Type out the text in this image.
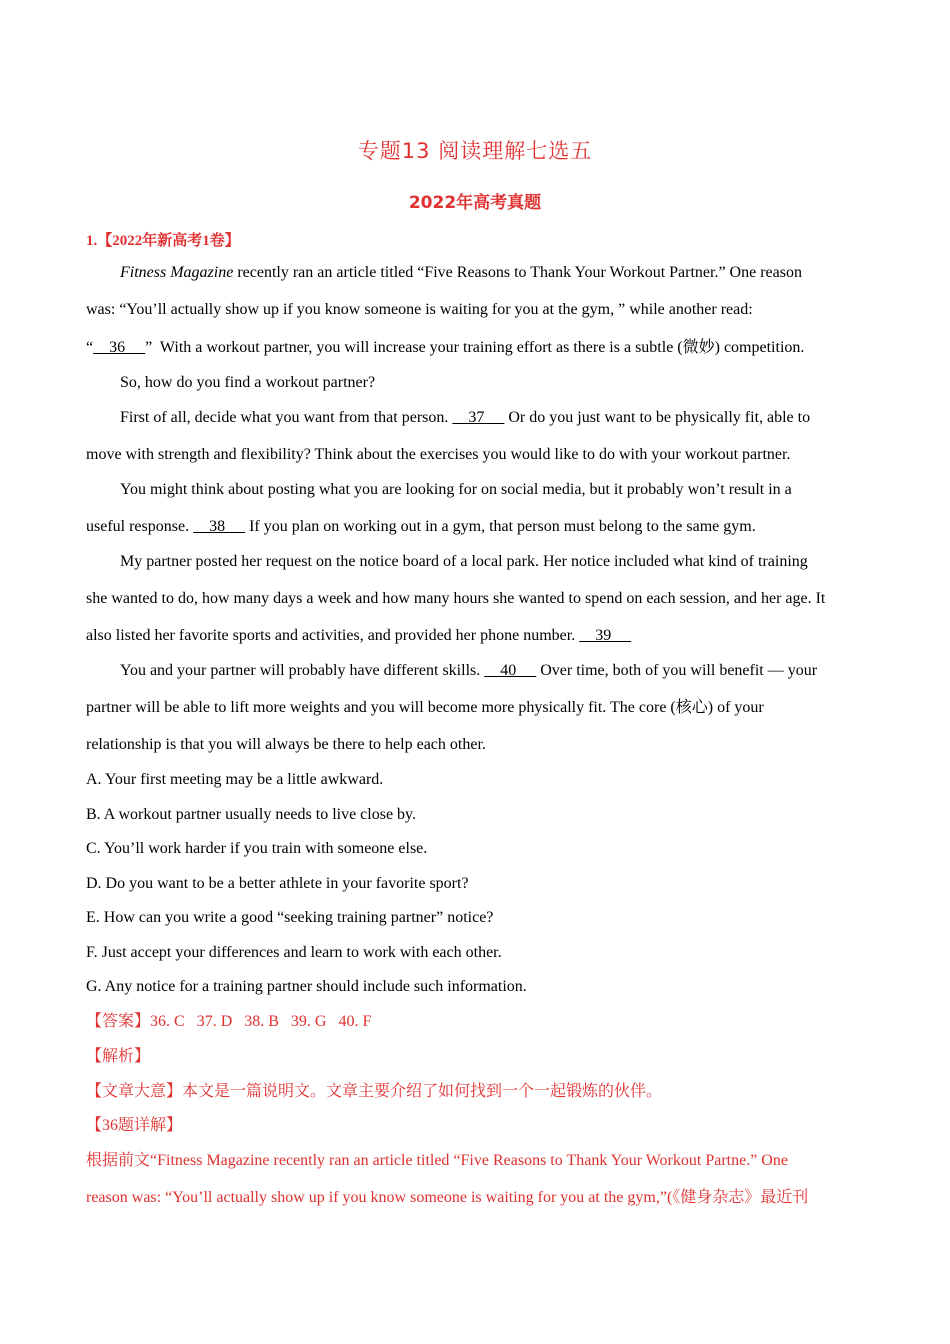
专题13 阅读理解七选五
2022年高考真题
1.【2022年新高考1卷】
Fitness Magazine recently ran an article titled “Five Reasons to Thank Your Workout Partner.” One reason
was: “You’ll actually show up if you know someone is waiting for you at the gym, ” while another read:
“    36     ”  With a workout partner, you will increase your training effort as there is a subtle (微妙) competition.
So, how do you find a workout partner?
First of all, decide what you want from that person.     37      Or do you just want to be physically fit, able to
move with strength and flexibility? Think about the exercises you would like to do with your workout partner.
You might think about posting what you are looking for on social media, but it probably won’t result in a
useful response.     38      If you plan on working out in a gym, that person must belong to the same gym.
My partner posted her request on the notice board of a local park. Her notice included what kind of training
she wanted to do, how many days a week and how many hours she wanted to spend on each session, and her age. It
also listed her favorite sports and activities, and provided her phone number.     39
You and your partner will probably have different skills.     40      Over time, both of you will benefit — your
partner will be able to lift more weights and you will become more physically fit. The core (核心) of your
relationship is that you will always be there to help each other.
A. Your first meeting may be a little awkward.
B. A workout partner usually needs to live close by.
C. You’ll work harder if you train with someone else.
D. Do you want to be a better athlete in your favorite sport?
E. How can you write a good “seeking training partner” notice?
F. Just accept your differences and learn to work with each other.
G. Any notice for a training partner should include such information.
【答案】36. C 37. D 38. B 39. G 40. F
【解析】
【文章大意】本文是一篇说明文。文章主要介绍了如何找到一个一起锻炼的伙伴。
【36题详解】
根据前文“Fitness Magazine recently ran an article titled “Five Reasons to Thank Your Workout Partne.” One
reason was: “You’ll actually show up if you know someone is waiting for you at the gym,”(《健身杂志》最近刊
